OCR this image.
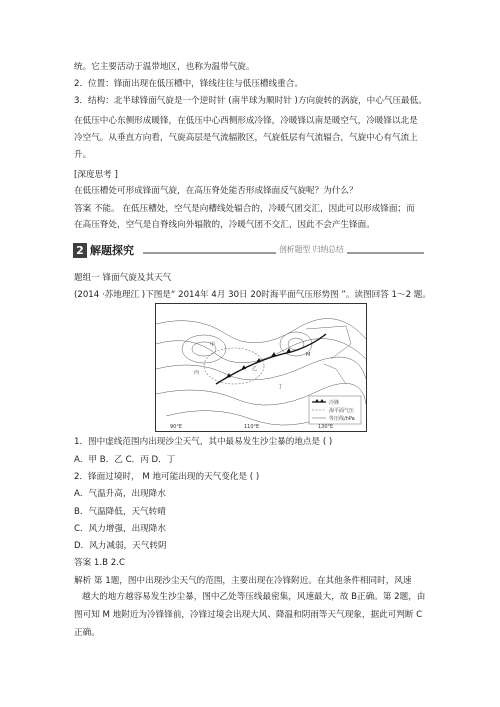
统。它主要活动于温带地区，也称为温带气旋。
2．位置：锋面出现在低压槽中，锋线往往与低压槽线重合。
3．结构：北半球锋面气旋是一个逆时针 (南半球为顺时针 )方向旋转的涡旋，中心气压最低。
在低压中心东侧形成暖锋，在低压中心西侧形成冷锋，冷暖锋以南是暖空气，冷暖锋以北是
冷空气。从垂直方向看，气旋高层是气流辐散区，气旋低层有气流辐合，气旋中心有气流上
升。
[深度思考 ]
在低压槽处可形成锋面气旋，在高压脊处能否形成锋面反气旋呢？为什么？
答案 不能。 在低压槽处，空气是向槽线处辐合的，冷暖气团交汇，因此可以形成锋面；而
在高压脊处，空气是自脊线向外辐散的，冷暖气团不交汇，因此不会产生锋面。
2 解题探究	剖析题型 归纳总结
题组一 锋面气旋及其天气
(2014 ·苏地理江 )下图是“ 2014年 4月 30日 20时海平面气压形势图 ”。读图回答 1～2 题。
甲
乙
丙
丁
M
90°E	110°E	130°E
冷锋
海平面气压
等压线/hPa
1．图中虚线范围内出现沙尘天气，其中最易发生沙尘暴的地点是 ( )
A．甲 B．乙 C．丙 D．丁
2．锋面过境时， M 地可能出现的天气变化是 ( )
A．气温升高，出现降水
B．气温降低，天气转晴
C．风力增强，出现降水
D．风力减弱，天气转阴
答案 1.B 2.C
解析 第 1题，图中出现沙尘天气的范围，主要出现在冷锋附近。在其他条件相同时，风速
越大的地方越容易发生沙尘暴，图中乙处等压线最密集，风速最大，故 B正确。第 2题，由
图可知 M 地附近为冷锋锋前，冷锋过境会出现大风、降温和阴雨等天气现象，据此可判断 C
正确。
